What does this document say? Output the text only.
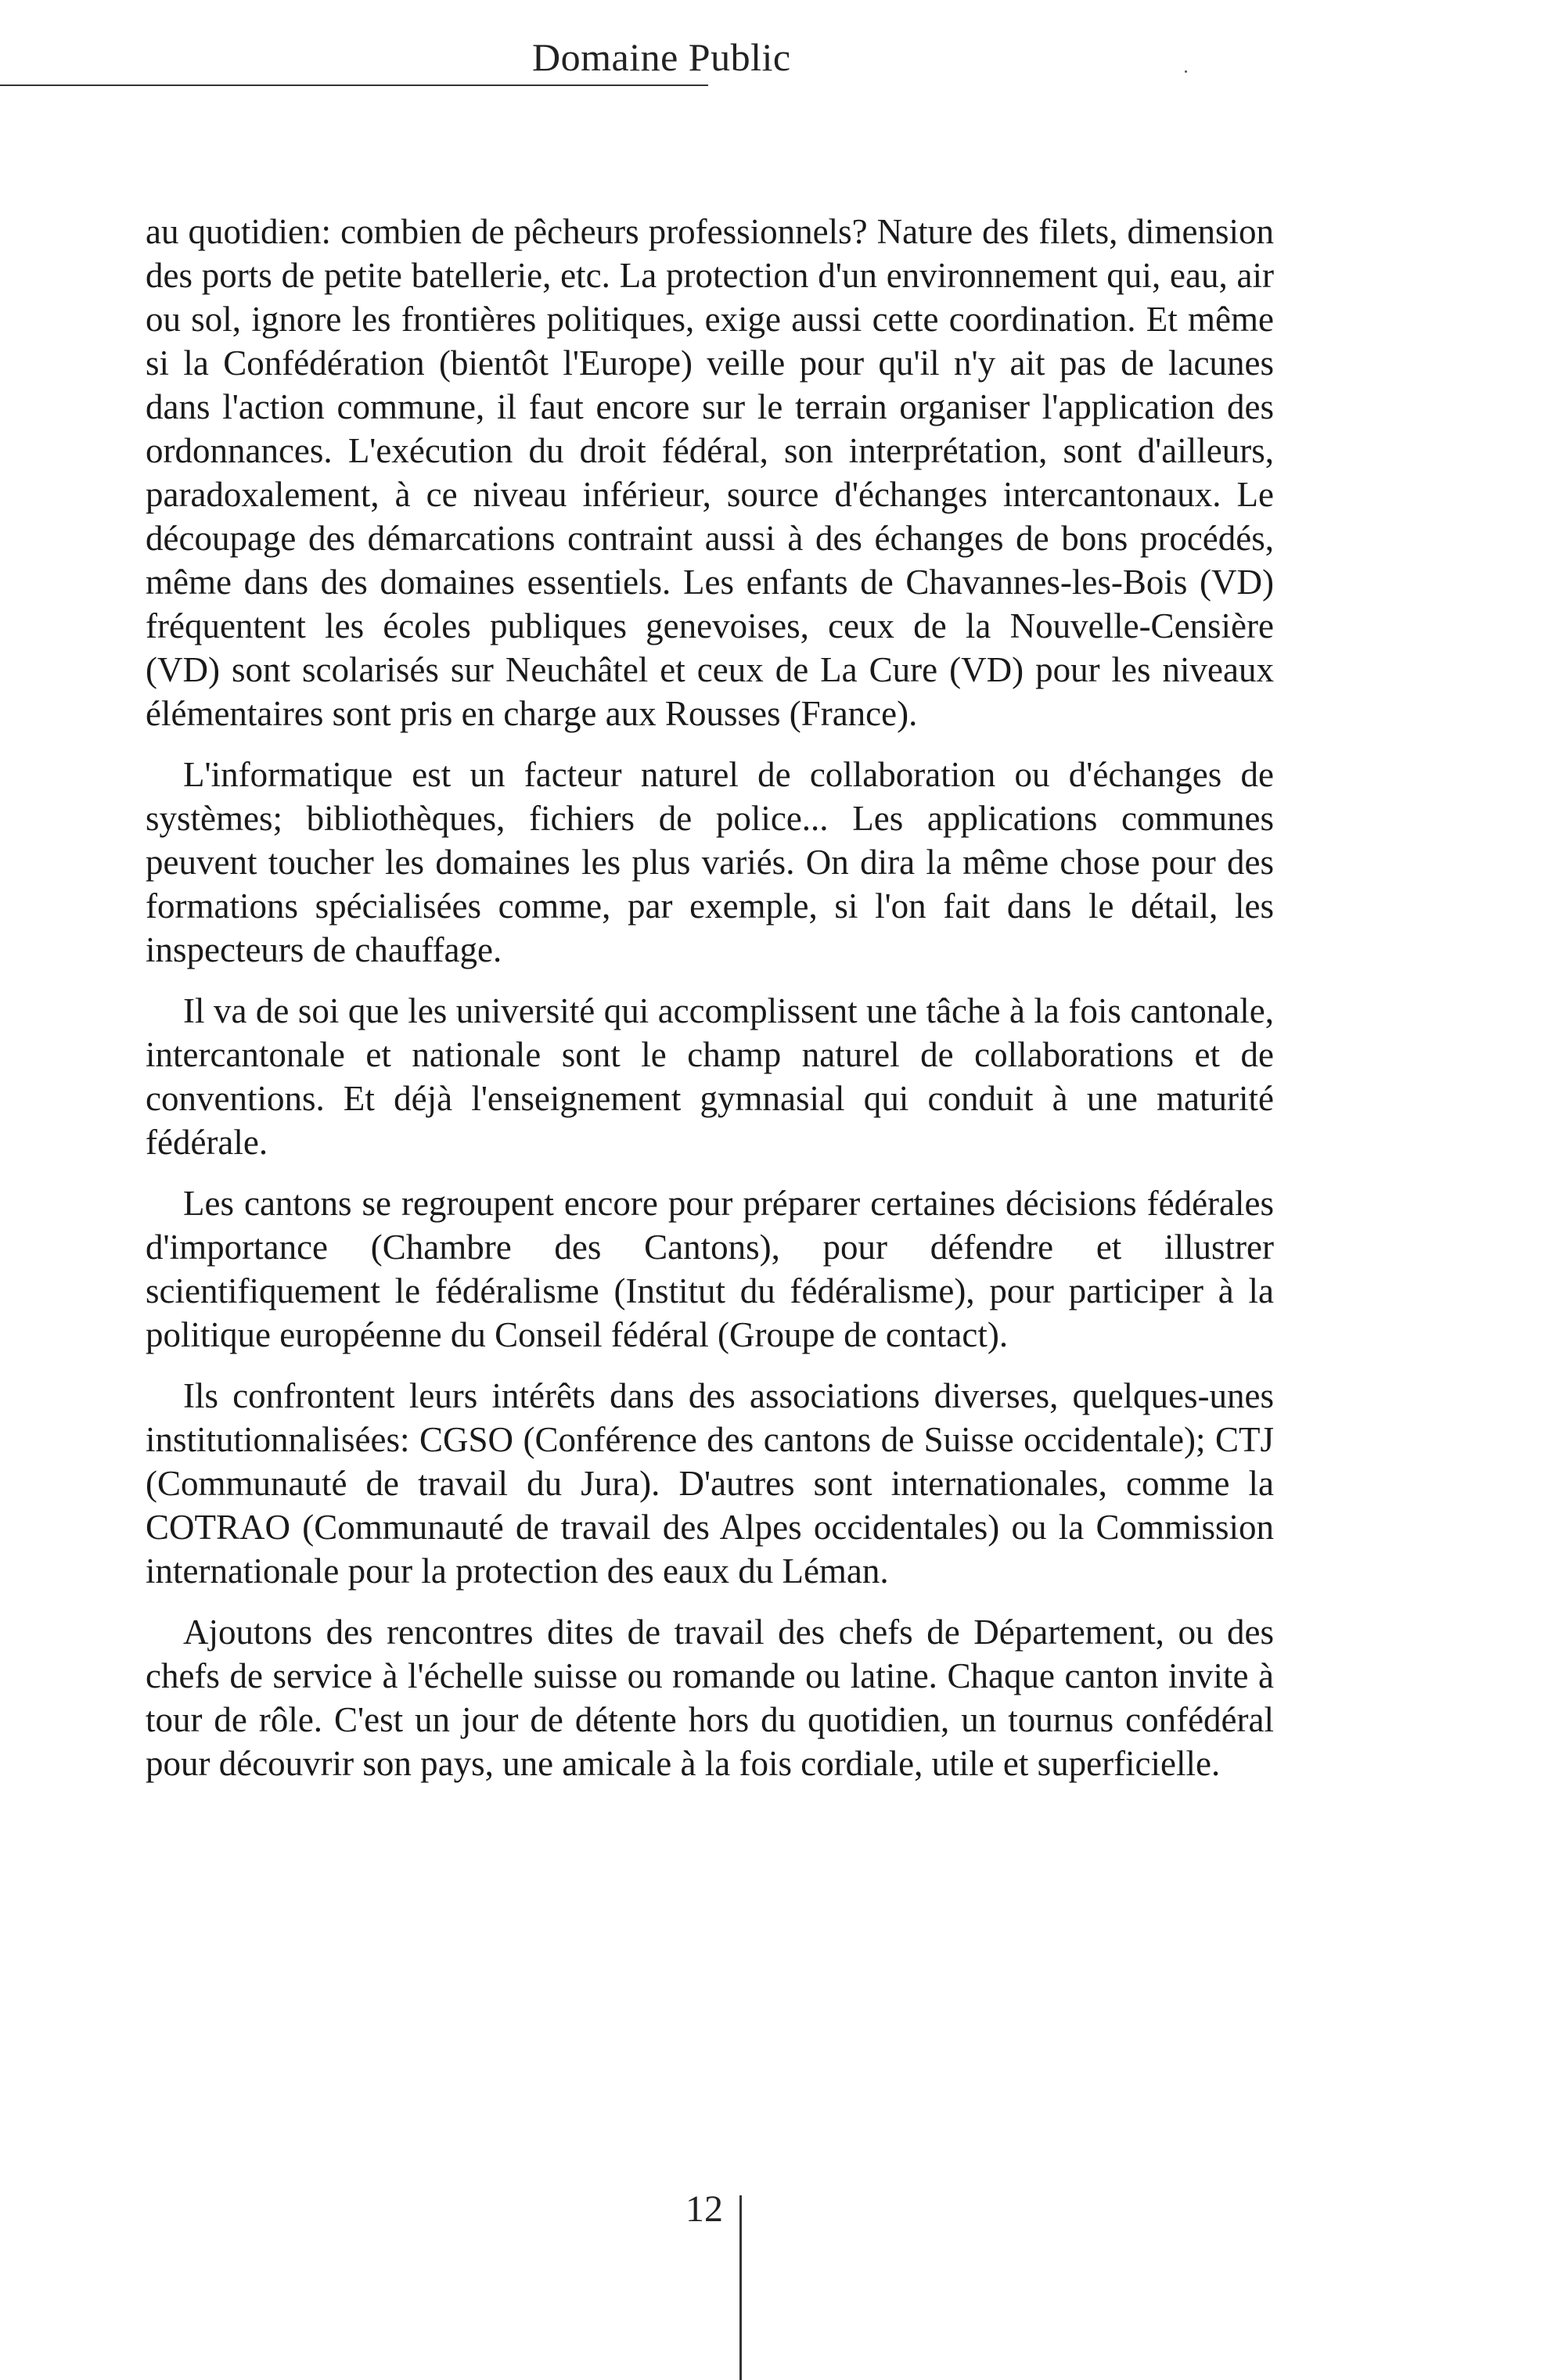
Domaine Public

au quotidien: combien de pêcheurs professionnels? Nature des filets, dimension des ports de petite batellerie, etc. La protection d'un environnement qui, eau, air ou sol, ignore les frontières politiques, exige aussi cette coordination. Et même si la Confédération (bientôt l'Europe) veille pour qu'il n'y ait pas de lacunes dans l'action commune, il faut encore sur le terrain organiser l'application des ordonnances. L'exécution du droit fédéral, son interprétation, sont d'ailleurs, paradoxalement, à ce niveau inférieur, source d'échanges intercantonaux. Le découpage des démarcations contraint aussi à des échanges de bons procédés, même dans des domaines essentiels. Les enfants de Chavannes-les-Bois (VD) fréquentent les écoles publiques genevoises, ceux de la Nouvelle-Censière (VD) sont scolarisés sur Neuchâtel et ceux de La Cure (VD) pour les niveaux élémentaires sont pris en charge aux Rousses (France).

L'informatique est un facteur naturel de collaboration ou d'échanges de systèmes; bibliothèques, fichiers de police... Les applications communes peuvent toucher les domaines les plus variés. On dira la même chose pour des formations spécialisées comme, par exemple, si l'on fait dans le détail, les inspecteurs de chauffage.

Il va de soi que les université qui accomplissent une tâche à la fois cantonale, intercantonale et nationale sont le champ naturel de collaborations et de conventions. Et déjà l'enseignement gymnasial qui conduit à une maturité fédérale.

Les cantons se regroupent encore pour préparer certaines décisions fédérales d'importance (Chambre des Cantons), pour défendre et illustrer scientifiquement le fédéralisme (Institut du fédéralisme), pour participer à la politique européenne du Conseil fédéral (Groupe de contact).

Ils confrontent leurs intérêts dans des associations diverses, quelques-unes institutionnalisées: CGSO (Conférence des cantons de Suisse occidentale); CTJ (Communauté de travail du Jura). D'autres sont internationales, comme la COTRAO (Communauté de travail des Alpes occidentales) ou la Commission internationale pour la protection des eaux du Léman.

Ajoutons des rencontres dites de travail des chefs de Département, ou des chefs de service à l'échelle suisse ou romande ou latine. Chaque canton invite à tour de rôle. C'est un jour de détente hors du quotidien, un tournus confédéral pour découvrir son pays, une amicale à la fois cordiale, utile et superficielle.

12
